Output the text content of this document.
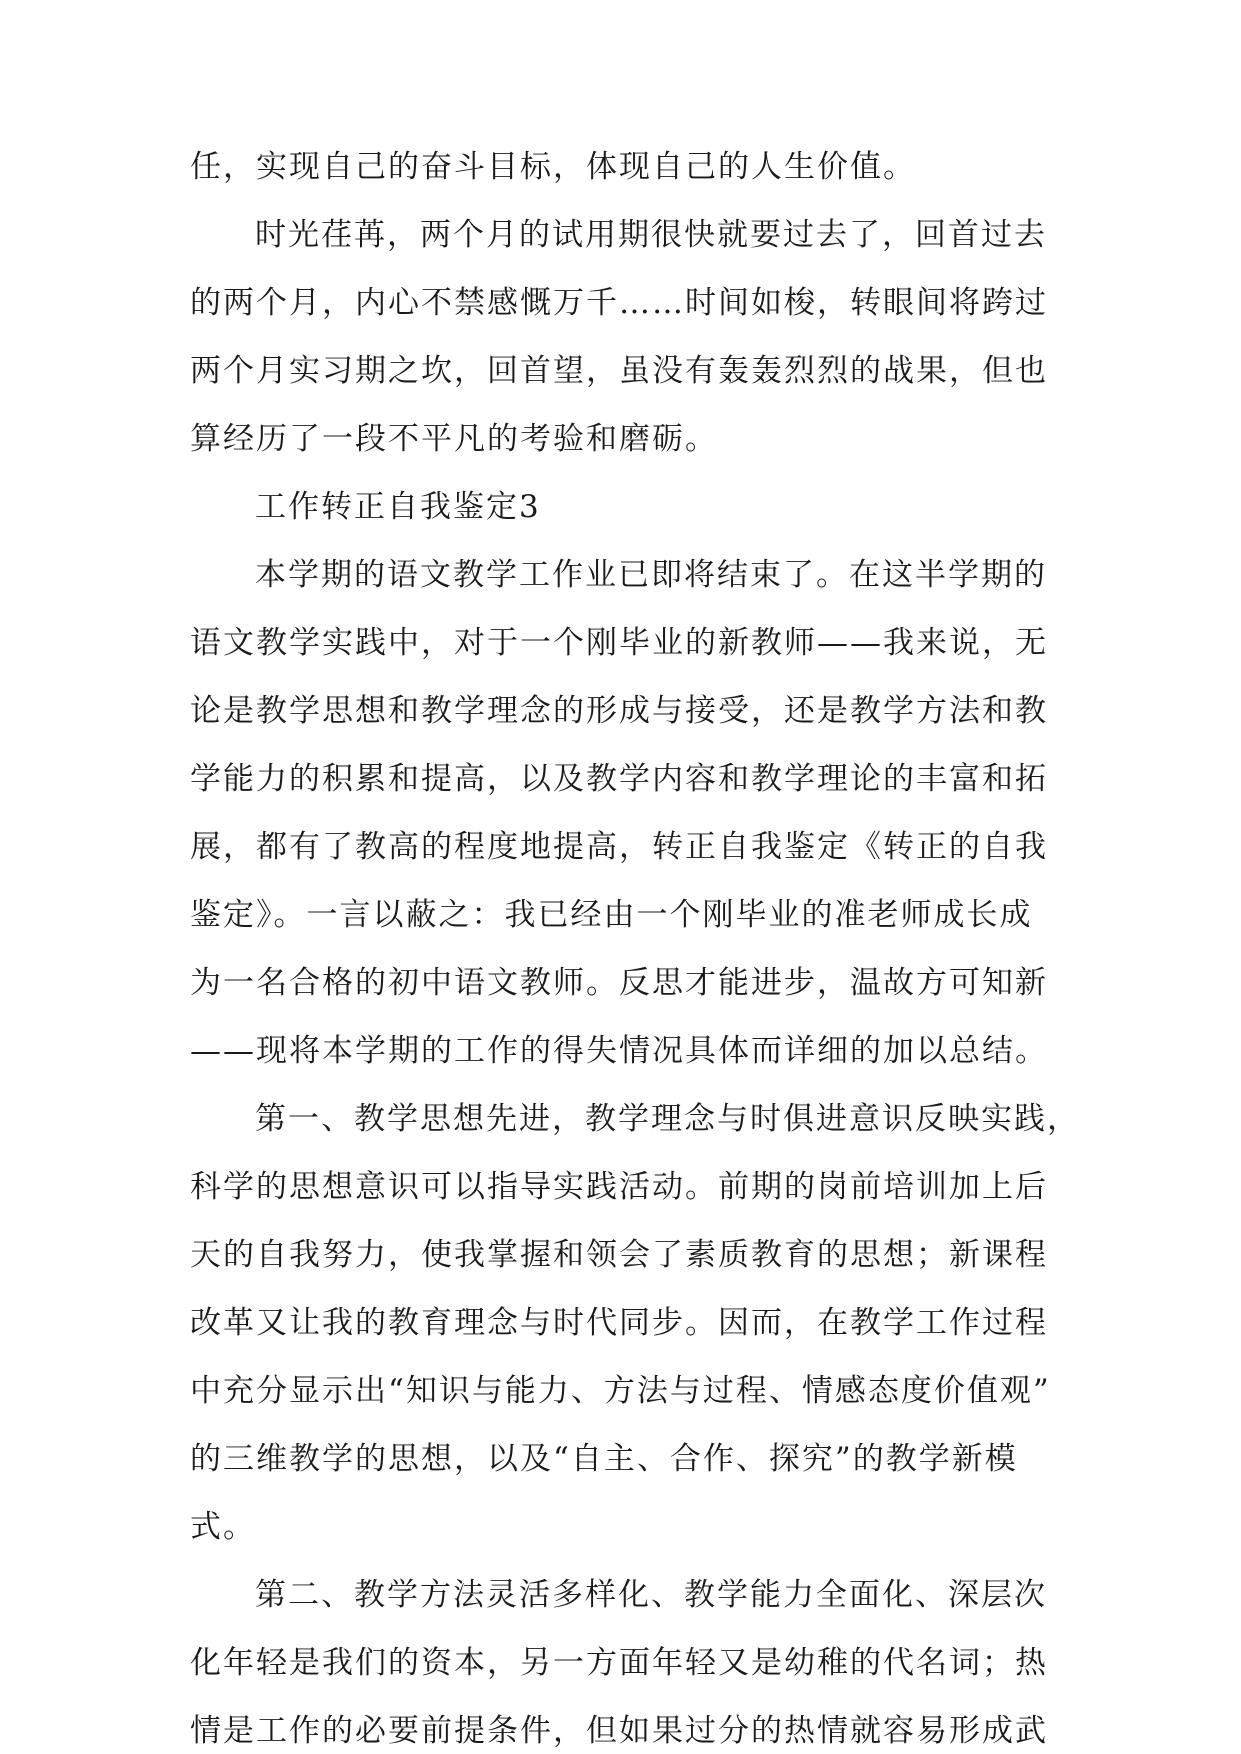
任，实现自己的奋斗目标，体现自己的人生价值。
时光荏苒，两个月的试用期很快就要过去了，回首过去
的两个月，内心不禁感慨万千……时间如梭，转眼间将跨过
两个月实习期之坎，回首望，虽没有轰轰烈烈的战果，但也
算经历了一段不平凡的考验和磨砺。
工作转正自我鉴定3
本学期的语文教学工作业已即将结束了。在这半学期的
语文教学实践中，对于一个刚毕业的新教师——我来说，无
论是教学思想和教学理念的形成与接受，还是教学方法和教
学能力的积累和提高，以及教学内容和教学理论的丰富和拓
展，都有了教高的程度地提高，转正自我鉴定《转正的自我
鉴定》。一言以蔽之：我已经由一个刚毕业的准老师成长成
为一名合格的初中语文教师。反思才能进步，温故方可知新
——现将本学期的工作的得失情况具体而详细的加以总结。
第一、教学思想先进，教学理念与时俱进意识反映实践，
科学的思想意识可以指导实践活动。前期的岗前培训加上后
天的自我努力，使我掌握和领会了素质教育的思想；新课程
改革又让我的教育理念与时代同步。因而，在教学工作过程
中充分显示出“知识与能力、方法与过程、情感态度价值观”
的三维教学的思想，以及“自主、合作、探究”的教学新模
式。
第二、教学方法灵活多样化、教学能力全面化、深层次
化年轻是我们的资本，另一方面年轻又是幼稚的代名词；热
情是工作的必要前提条件，但如果过分的热情就容易形成武
